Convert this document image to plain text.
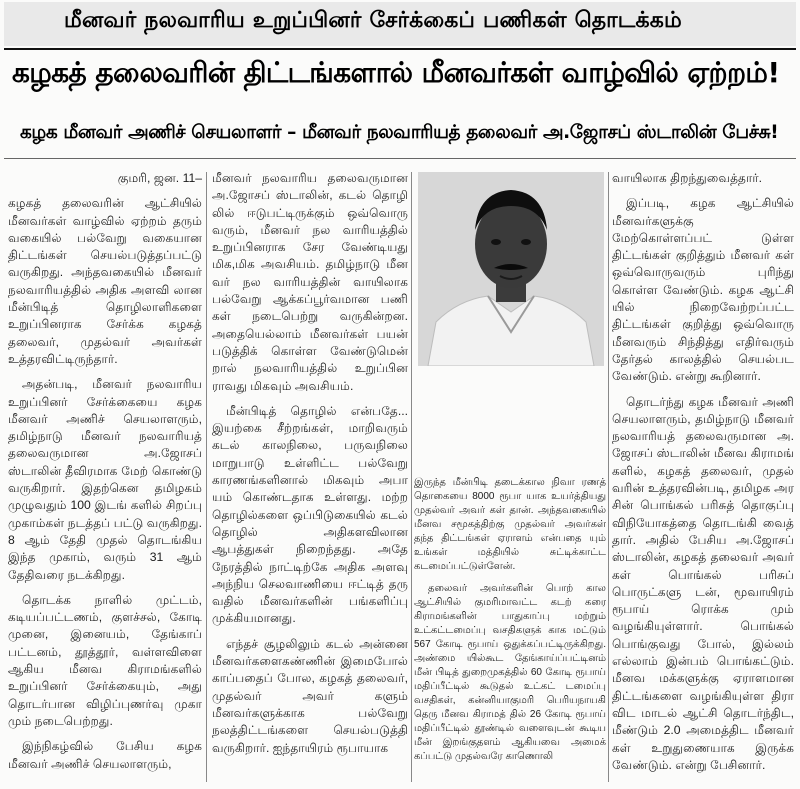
மீனவர் நலவாரிய உறுப்பினர் சேர்க்கைப் பணிகள் தொடக்கம்
கழகத் தலைவரின் திட்டங்களால் மீனவர்கள் வாழ்வில் ஏற்றம்!
கழக மீனவர் அணிச் செயலாளர் – மீனவர் நலவாரியத் தலைவர் அ.ஜோசப் ஸ்டாலின் பேச்சு!

குமரி, ஜன. 11–

கழகத் தலைவரின் ஆட்சியில் மீனவர்கள் வாழ்வில் ஏற்றம் தரும் வகையில் பல்வேறு வகையான திட்டங்கள் செயல்படுத்தப்பட்டு வருகிறது. அந்தவகையில் மீனவர் நலவாரியத்தில் அதிக அளவி லான மீன்பிடித் தொழிலாளிகளை உறுப்பினராக சேர்க்க கழகத் தலைவர், முதல்வர் அவர்கள் உத்தரவிட்டிருந்தார்.

அதன்படி, மீனவர் நலவாரிய உறுப்பினர் சேர்க்கையை கழக மீனவர் அணிச் செயலாளரும், தமிழ்நாடு மீனவர் நலவாரியத் தலைவருமான அ.ஜோசப் ஸ்டாலின் தீவிரமாக மேற் கொண்டு வருகிறார். இதற்கென தமிழகம் முழுவதும் 100 இடங் களில் சிறப்பு முகாம்கள் நடத்தப் பட்டு வருகிறது. 8 ஆம் தேதி முதல் தொடங்கிய இந்த முகாம், வரும் 31 ஆம் தேதிவரை நடக்கிறது.

தொடக்க நாளில் முட்டம், கடியப்பட்டணம், குளச்சல், கோடி முனை, இனையம், தேங்காப் பட்டனம், தூத்தூர், வள்ளவிளை ஆகிய மீனவ கிராமங்களில் உறுப்பினர் சேர்க்கையும், அது தொடர்பான விழிப்புணர்வு முகா மும் நடைபெற்றது.

இந்நிகழ்வில் பேசிய கழக மீனவர் அணிச் செயலாளரும்,

மீனவர் நலவாரிய தலைவருமான அ.ஜோசப் ஸ்டாலின், கடல் தொழி லில் ஈடுபட்டிருக்கும் ஒவ்வொரு வரும், மீனவர் நல வாரியத்தில் உறுப்பினராக சேர வேண்டியது மிக,மிக அவசியம். தமிழ்நாடு மீன வர் நல வாரியத்தின் வாயிலாக பல்வேறு ஆக்கப்பூர்வமான பணி கள் நடைபெற்று வருகின்றன. அதையெல்லாம் மீனவர்கள் பயன் படுத்திக் கொள்ள வேண்டுமென் றால் நலவாரியத்தில் உறுப்பின ராவது மிகவும் அவசியம்.

மீன்பிடித் தொழில் என்பதே... இயற்கை சீற்றங்கள், மாறிவரும் கடல் காலநிலை, பருவநிலை மாறுபாடு உள்ளிட்ட பல்வேறு காரணங்களினால் மிகவும் அபா யம் கொண்டதாக உள்ளது. மற்ற தொழில்களை ஒப்பிடுகையில் கடல் தொழில் அதிகளவிலான ஆபத்துகள் நிறைந்தது. அதே நேரத்தில் நாட்டிற்கே அதிக அளவு அந்நிய செலவாணியை ஈட்டித் தரு வதில் மீனவர்களின் பங்களிப்பு முக்கியமானது.

எந்தச் சூழலிலும் கடல் அன்னை மீனவர்களைகண்ணின் இமைபோல் காப்பதைப் போல, கழகத் தலைவர், முதல்வர் அவர் களும் மீனவர்களுக்காக பல்வேறு நலத்திட்டங்களை செயல்படுத்தி வருகிறார். ஐந்தாயிரம் ரூபாயாக

இருந்த மீன்பிடி தடைக்கால நிவா ரணத் தொகையை 8000 ரூபா யாக உயர்த்தியது முதல்வர் அவர் கள் தான். அந்தவகையில் மீனவ சமூகத்திற்கு முதல்வர் அவர்கள் தந்த திட்டங்கள் ஏராளம் என்பதை யும் உங்கள் மத்தியில் சுட்டிக்காட்ட கடமைப்பட்டுள்ளேன்.

தலைவர் அவர்களின் பொற் கால ஆட்சியில் குமரிமாவட்ட கடற் கரை கிராமங்களின் பாதுகாப்பு மற்றும் உட்கட்டமைப்பு வசதிகளுக் காக மட்டும் 567 கோடி ரூபாய் ஒதுக்கப்பட்டிருக்கிறது. அண்மை யில்கூட தேங்காய்ப்பட்டினம் மீன் பிடித் துறைமுகத்தில் 60 கோடி ரூபாய் மதிப்பீட்டில் கூடுதல் உட்கட் டமைப்பு வசதிகள், கன்னியாகுமரி பெரியநாயகி தெரு மீனவ கிராமத் தில் 26 கோடி ரூபாய் மதிப்பீட்டில் தூண்டில் வளைவுடன் கூடிய மீன் இறங்குதளம் ஆகியவை அமைக் கப்பட்டு முதல்வரே காணொலி

வாயிலாக திறந்துவைத்தார்.

இப்படி, கழக ஆட்சியில் மீனவர்களுக்கு மேற்கொள்ளப்பட் டுள்ள திட்டங்கள் குறித்தும் மீனவர் கள் ஒவ்வொருவரும் புரிந்து கொள்ள வேண்டும். கழக ஆட்சி யில் நிறைவேற்றப்பட்ட திட்டங்கள் குறித்து ஒவ்வொரு மீனவரும் சிந்தித்து எதிர்வரும் தேர்தல் காலத்தில் செயல்பட வேண்டும். என்று கூறினார்.

தொடர்ந்து கழக மீனவர் அணி செயலாளரும், தமிழ்நாடு மீனவர் நலவாரியத் தலைவருமான அ. ஜோசப் ஸ்டாலின் மீனவ கிராமங் களில், கழகத் தலைவர், முதல் வரின் உத்தரவின்படி, தமிழக அர சின் பொங்கல் பரிசுத் தொகுப்பு விநியோகத்தை தொடங்கி வைத் தார். அதில் பேசிய அ.ஜோசப் ஸ்டாலின், கழகத் தலைவர் அவர் கள் பொங்கல் பரிசுப் பொருட்களு டன், மூவாயிரம் ரூபாய் ரொக்க மும் வழங்கியுள்ளார். பொங்கல் பொங்குவது போல், இல்லம் எல்லாம் இன்பம் பொங்கட்டும். மீனவ மக்களுக்கு ஏராளமான திட்டங்களை வழங்கியுள்ள திரா விட மாடல் ஆட்சி தொடர்ந்திட, மீண்டும் 2.0 அமைத்திட மீனவர் கள் உறுதுணையாக இருக்க வேண்டும். என்று பேசினார்.
